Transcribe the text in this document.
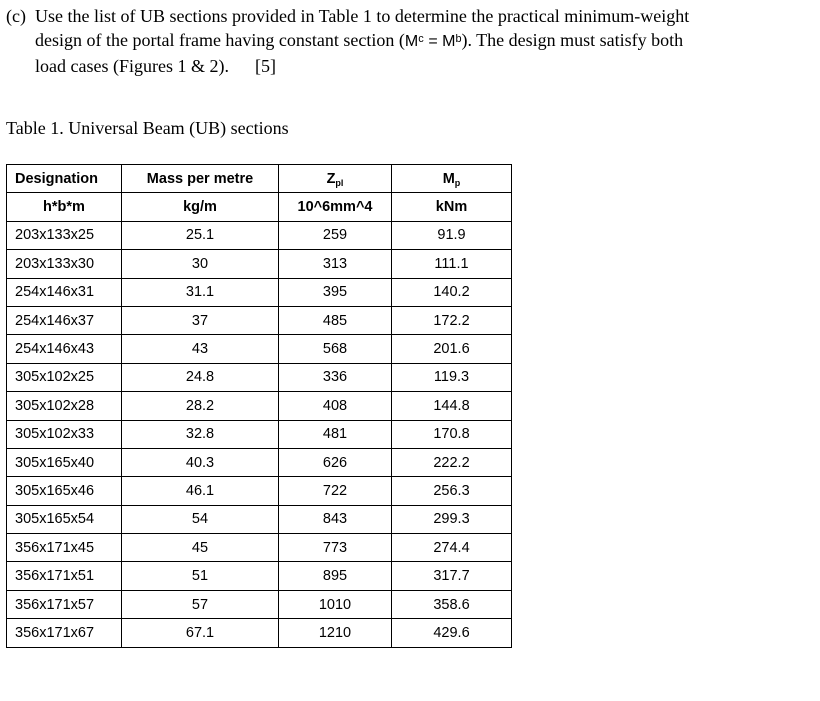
(c) Use the list of UB sections provided in Table 1 to determine the practical minimum-weight
design of the portal frame having constant section (Mᶜ = Mᵇ). The design must satisfy both
load cases (Figures 1 & 2). [5]
Table 1. Universal Beam (UB) sections
Designation	Mass per metre	$Z_{pl}$	$M_p$
h*b*m	kg/m	10^6mm^4	kNm
203x133x25	25.1	259	91.9
203x133x30	30	313	111.1
254x146x31	31.1	395	140.2
254x146x37	37	485	172.2
254x146x43	43	568	201.6
305x102x25	24.8	336	119.3
305x102x28	28.2	408	144.8
305x102x33	32.8	481	170.8
305x165x40	40.3	626	222.2
305x165x46	46.1	722	256.3
305x165x54	54	843	299.3
356x171x45	45	773	274.4
356x171x51	51	895	317.7
356x171x57	57	1010	358.6
356x171x67	67.1	1210	429.6
